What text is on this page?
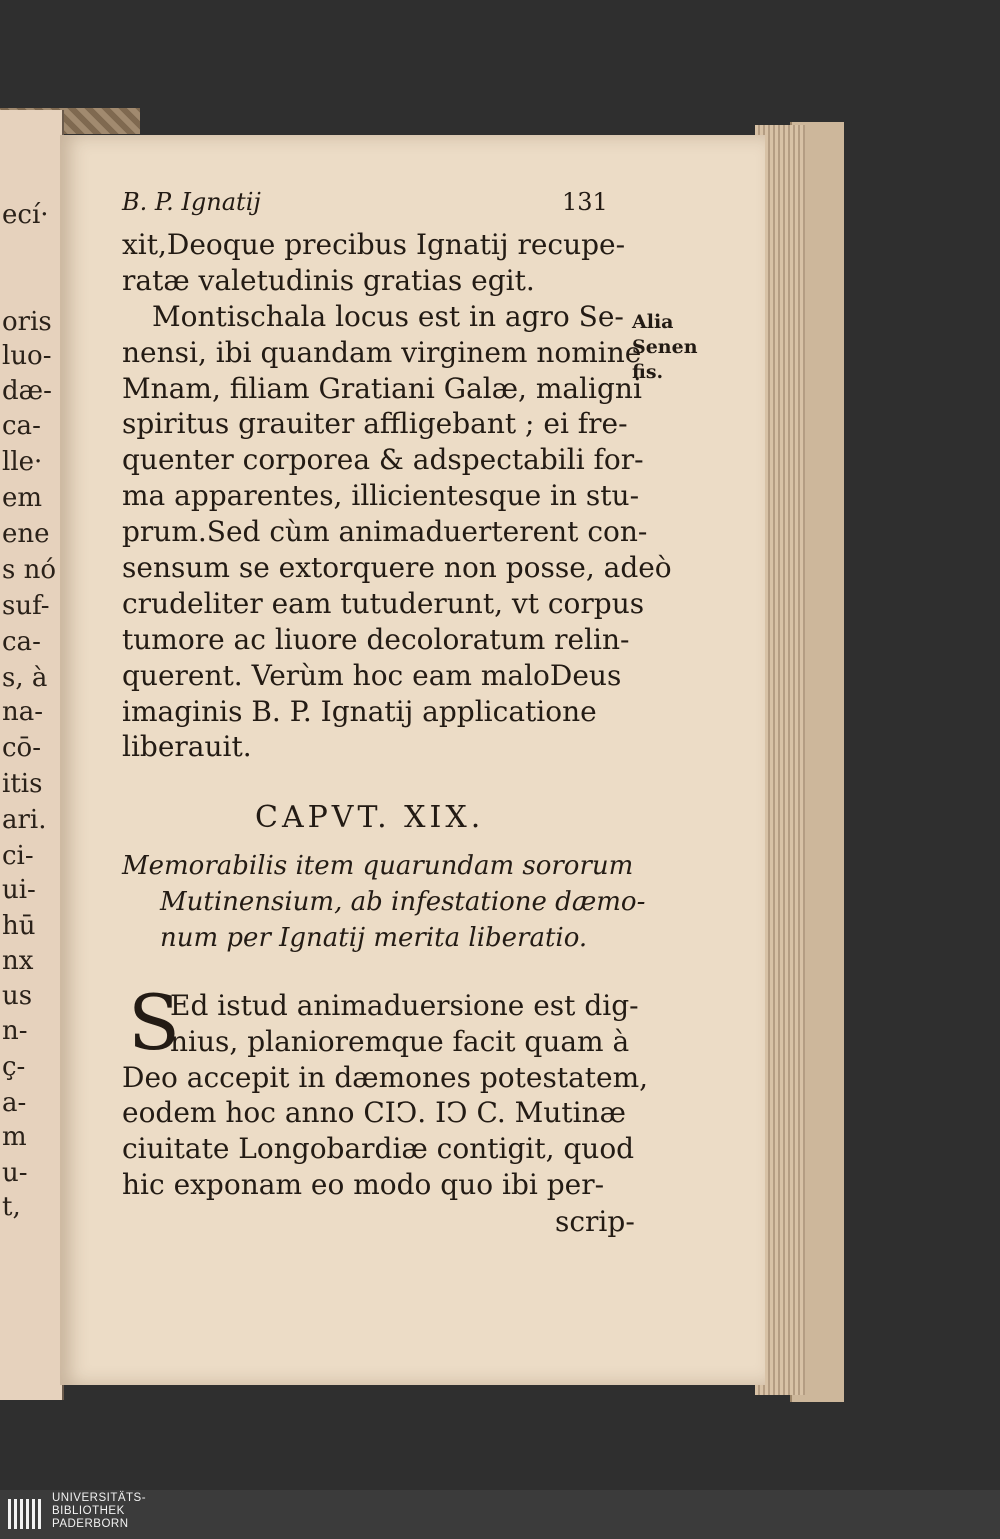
ecí·
oris
luo-
dæ-
ca-
lle·
em
ene
s nó
suf-
ca-
s, à
na-
cō-
itis
ari.
ci-
ui-
hū
nx
us
n-
ç-
a-
m
u-
t,
B. P. Ignatij	131
xit,Deoque precibus Ignatij recupe-
ratæ valetudinis gratias egit.
Montischala locus est in agro Se-
nensi, ibi quandam virginem nomine
Mnam, filiam Gratiani Galæ, maligni
spiritus grauiter affligebant ; ei fre-
quenter corporea & adspectabili for-
ma apparentes, illicientesque in stu-
prum.Sed cùm animaduerterent con-
sensum se extorquere non posse, adeò
crudeliter eam tutuderunt, vt corpus
tumore ac liuore decoloratum relin-
querent. Verùm hoc eam maloDeus
imaginis B. P. Ignatij applicatione
liberauit.
Alia
Senen
fis.
CAPVT. XIX.
Memorabilis item quarundam sororum
Mutinensium, ab infestatione dæmo-
num per Ignatij merita liberatio.
S
Ed istud animaduersione est dig-
nius, planioremque facit quam à
Deo accepit in dæmones potestatem,
eodem hoc anno CIↃ. IↃ C. Mutinæ
ciuitate Longobardiæ contigit, quod
hic exponam eo modo quo ibi per-
scrip-
UNIVERSITÄTS-
BIBLIOTHEK
PADERBORN
